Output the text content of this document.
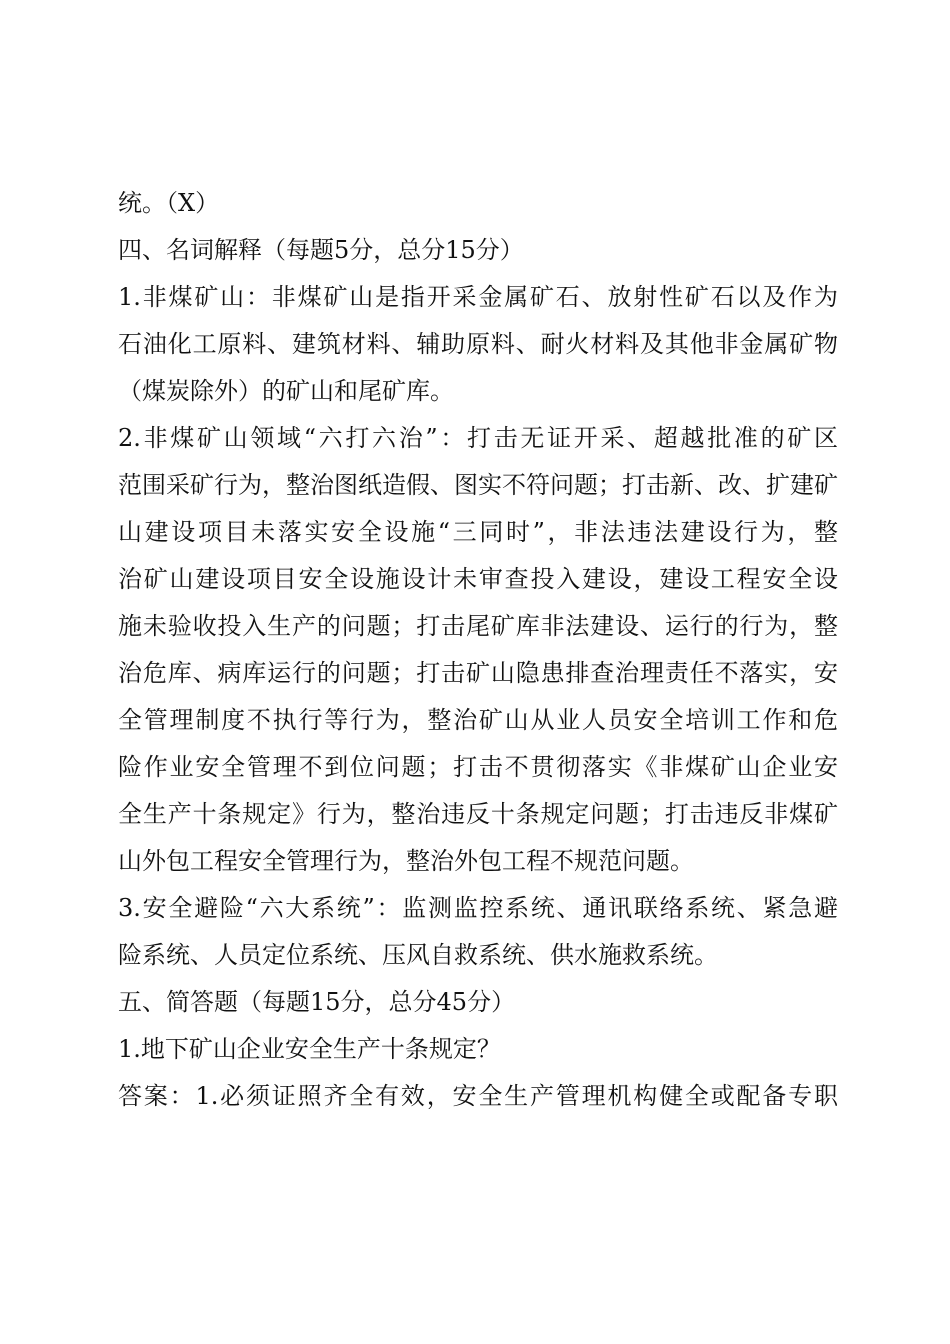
统。（X）
四、名词解释（每题5分，总分15分）
1.非煤矿山：非煤矿山是指开采金属矿石、放射性矿石以及作为
石油化工原料、建筑材料、辅助原料、耐火材料及其他非金属矿物
（煤炭除外）的矿山和尾矿库。
2.非煤矿山领域“六打六治”：打击无证开采、超越批准的矿区
范围采矿行为，整治图纸造假、图实不符问题；打击新、改、扩建矿
山建设项目未落实安全设施“三同时”，非法违法建设行为，整
治矿山建设项目安全设施设计未审查投入建设，建设工程安全设
施未验收投入生产的问题；打击尾矿库非法建设、运行的行为，整
治危库、病库运行的问题；打击矿山隐患排查治理责任不落实，安
全管理制度不执行等行为，整治矿山从业人员安全培训工作和危
险作业安全管理不到位问题；打击不贯彻落实《非煤矿山企业安
全生产十条规定》行为，整治违反十条规定问题；打击违反非煤矿
山外包工程安全管理行为，整治外包工程不规范问题。
3.安全避险“六大系统”：监测监控系统、通讯联络系统、紧急避
险系统、人员定位系统、压风自救系统、供水施救系统。
五、简答题（每题15分，总分45分）
1.地下矿山企业安全生产十条规定？
答案：1.必须证照齐全有效，安全生产管理机构健全或配备专职
